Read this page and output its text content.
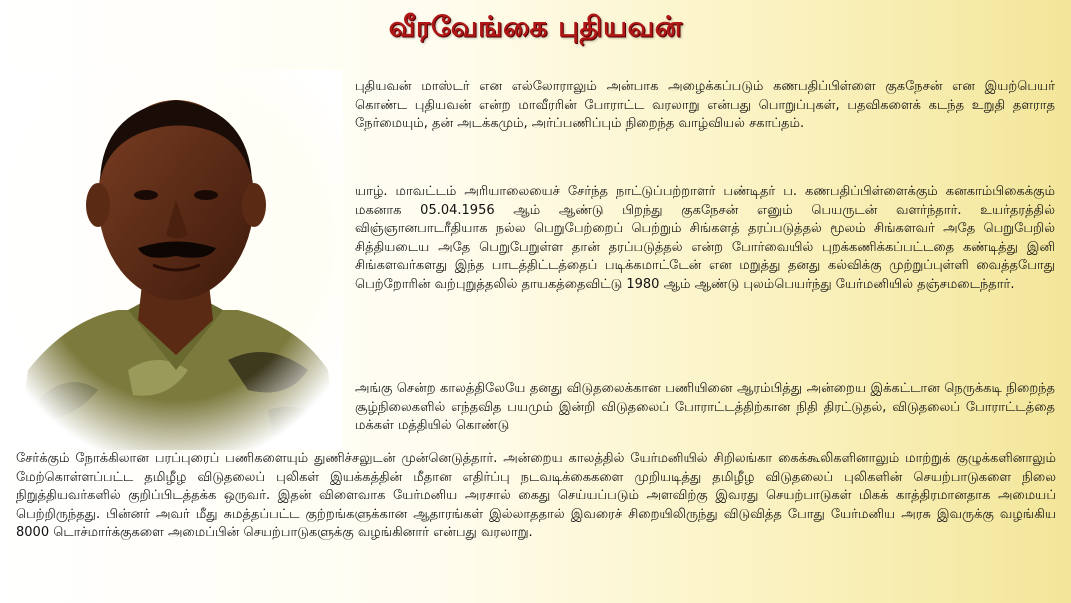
வீரவேங்கை புதியவன்

புதியவன் மாஸ்டர் என எல்லோராலும் அன்பாக அழைக்கப்படும் கணபதிப்பிள்ளை குகநேசன் என இயற்பெயர் கொண்ட புதியவன் என்ற மாவீரரின் போராட்ட வரலாறு என்பது பொறுப்புகள், பதவிகளைக் கடந்த உறுதி தளராத நேர்மையும், தன் அடக்கமும், அர்ப்பணிப்பும் நிறைந்த வாழ்வியல் சகாப்தம்.

யாழ். மாவட்டம் அரியாலையைச் சேர்ந்த நாட்டுப்பற்றாளர் பண்டிதர் ப. கணபதிப்பிள்ளைக்கும் கனகாம்பிகைக்கும் மகனாக 05.04.1956 ஆம் ஆண்டு பிறந்து குகநேசன் எனும் பெயருடன் வளர்ந்தார். உயர்தரத்தில் விஞ்ஞானபாடரீதியாக நல்ல பெறுபேற்றைப் பெற்றும் சிங்களத் தரப்படுத்தல் மூலம் சிங்களவர் அதே பெறுபேறில் சித்தியடைய அதே பெறுபேறுள்ள தான் தரப்படுத்தல் என்ற போர்வையில் புறக்கணிக்கப்பட்டதை கண்டித்து இனி சிங்களவர்களது இந்த பாடத்திட்டத்தைப் படிக்கமாட்டேன் என மறுத்து தனது கல்விக்கு முற்றுப்புள்ளி வைத்தபோது பெற்றோரின் வற்புறுத்தலில் தாயகத்தைவிட்டு 1980 ஆம் ஆண்டு புலம்பெயர்ந்து யேர்மனியில் தஞ்சமடைந்தார்.

அங்கு சென்ற காலத்திலேயே தனது விடுதலைக்கான பணியினை ஆரம்பித்து அன்றைய இக்கட்டான நெருக்கடி நிறைந்த சூழ்நிலைகளில் எந்தவித பயமும் இன்றி விடுதலைப் போராட்டத்திற்கான நிதி திரட்டுதல், விடுதலைப் போராட்டத்தை மக்கள் மத்தியில் கொண்டு

சேர்க்கும் நோக்கிலான பரப்புரைப் பணிகளையும் துணிச்சலுடன் முன்னெடுத்தார். அன்றைய காலத்தில் யேர்மனியில் சிறிலங்கா கைக்கூலிகளினாலும் மாற்றுக் குழுக்களினாலும் மேற்கொள்ளப்பட்ட தமிழீழ விடுதலைப் புலிகள் இயக்கத்தின் மீதான எதிர்ப்பு நடவடிக்கைகளை முறியடித்து தமிழீழ விடுதலைப் புலிகளின் செயற்பாடுகளை நிலை நிறுத்தியவர்களில் குறிப்பிடத்தக்க ஒருவர். இதன் விளைவாக யேர்மனிய அரசால் கைது செய்யப்படும் அளவிற்கு இவரது செயற்பாடுகள் மிகக் காத்திரமானதாக அமையப் பெற்றிருந்தது. பின்னர் அவர் மீது சுமத்தப்பட்ட குற்றங்களுக்கான ஆதாரங்கள் இல்லாததால் இவரைச் சிறையிலிருந்து விடுவித்த போது யேர்மனிய அரசு இவருக்கு வழங்கிய 8000 டொச்மார்க்குகளை அமைப்பின் செயற்பாடுகளுக்கு வழங்கினார் என்பது வரலாறு.
